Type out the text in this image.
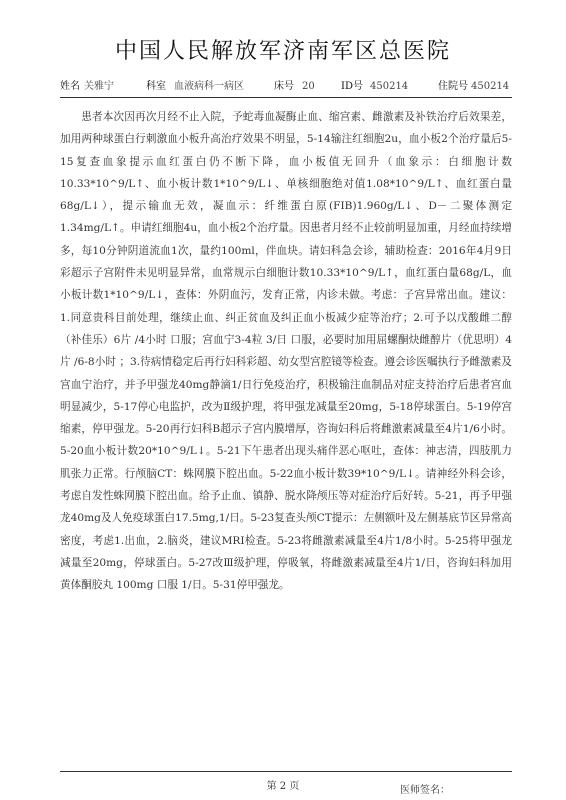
中国人民解放军济南军区总医院
姓名 关雅宁	科室 血液病科一病区	床号 20	ID号 450214	住院号 450214

患者本次因再次月经不止入院，予蛇毒血凝酶止血、缩宫素、雌激素及补铁治疗后效果差，加用两种球蛋白行刺激血小板升高治疗效果不明显，5-14输注红细胞2u，血小板2个治疗量后5-15复查血象提示血红蛋白仍不断下降，血小板值无回升（血象示：白细胞计数10.33*10^9/L↑、血小板计数1*10^9/L↓、单核细胞绝对值1.08*10^9/L↑、血红蛋白量68g/L↓），提示输血无效，凝血示：纤维蛋白原(FIB)1.960g/L↓、D－二聚体测定1.34mg/L↑。申请红细胞4u，血小板2个治疗量。因患者月经不止较前明显加重，月经血持续增多，每10分钟阴道流血1次，量约100ml，伴血块。请妇科急会诊，辅助检查：2016年4月9日彩超示子宫附件未见明显异常，血常规示白细胞计数10.33*10^9/L↑，血红蛋白量68g/L，血小板计数1*10^9/L↓，查体：外阴血污，发育正常，内诊未做。考虑：子宫异常出血。建议：1.同意贵科目前处理，继续止血、纠正贫血及纠正血小板减少症等治疗；2.可予以戊酸雌二醇（补佳乐）6片 /4小时 口服；宫血宁3-4粒 3/日 口服，必要时加用屈螺酮炔雌醇片（优思明）4片 /6-8小时 ；3.待病情稳定后再行妇科彩超、幼女型宫腔镜等检查。遵会诊医嘱执行予雌激素及宫血宁治疗，并予甲强龙40mg静滴1/日行免疫治疗，积极输注血制品对症支持治疗后患者宫血明显减少，5-17停心电监护，改为Ⅱ级护理，将甲强龙减量至20mg，5-18停球蛋白。5-19停宫缩素，停甲强龙。5-20再行妇科B超示子宫内膜增厚，咨询妇科后将雌激素减量至4片1/6小时。5-20血小板计数20*10^9/L↓。5-21下午患者出现头痛伴恶心呕吐，查体：神志清，四肢肌力肌张力正常。行颅脑CT：蛛网膜下腔出血。5-22血小板计数39*10^9/L↓。请神经外科会诊，考虑自发性蛛网膜下腔出血。给予止血、镇静、脱水降颅压等对症治疗后好转。5-21，再予甲强龙40mg及人免疫球蛋白17.5mg,1/日。5-23复查头颅CT提示：左侧额叶及左侧基底节区异常高密度，考虑1.出血，2.脑炎，建议MRI检查。5-23将雌激素减量至4片1/8小时。5-25将甲强龙减量至20mg，停球蛋白。5-27改Ⅲ级护理，停吸氧，将雌激素减量至4片1/日，咨询妇科加用黄体酮胶丸 100mg 口服 1/日。5-31停甲强龙。

第 2 页	医师签名：
